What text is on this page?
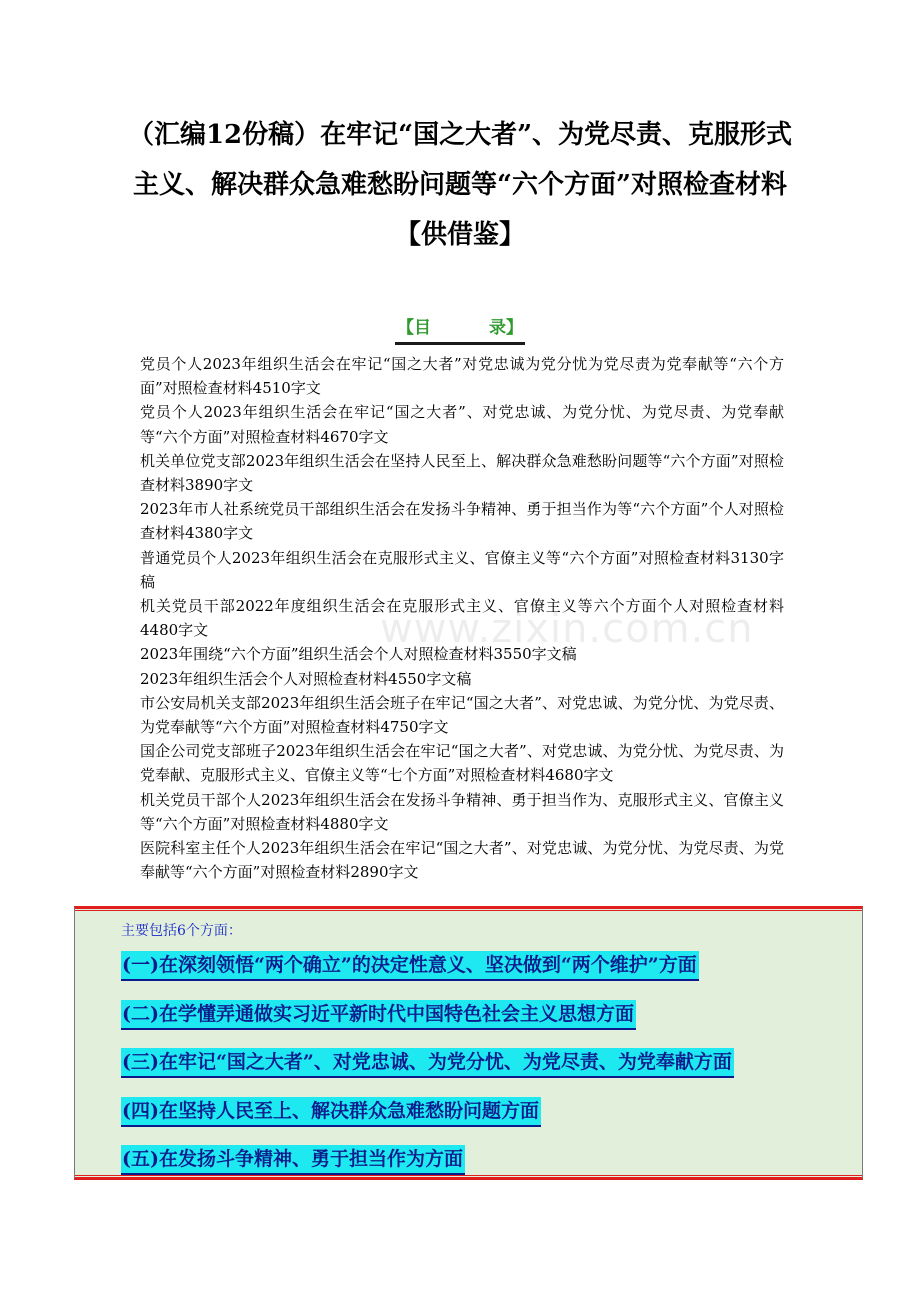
（汇编12份稿）在牢记“国之大者”、为党尽责、克服形式主义、解决群众急难愁盼问题等“六个方面”对照检查材料【供借鉴】
【目	录】
党员个人2023年组织生活会在牢记“国之大者”对党忠诚为党分忧为党尽责为党奉献等“六个方面”对照检查材料4510字文
党员个人2023年组织生活会在牢记“国之大者”、对党忠诚、为党分忧、为党尽责、为党奉献等“六个方面”对照检查材料4670字文
机关单位党支部2023年组织生活会在坚持人民至上、解决群众急难愁盼问题等“六个方面”对照检查材料3890字文
2023年市人社系统党员干部组织生活会在发扬斗争精神、勇于担当作为等“六个方面”个人对照检查材料4380字文
普通党员个人2023年组织生活会在克服形式主义、官僚主义等“六个方面”对照检查材料3130字稿
机关党员干部2022年度组织生活会在克服形式主义、官僚主义等六个方面个人对照检查材料4480字文
2023年围绕“六个方面”组织生活会个人对照检查材料3550字文稿
2023年组织生活会个人对照检查材料4550字文稿
市公安局机关支部2023年组织生活会班子在牢记“国之大者”、对党忠诚、为党分忧、为党尽责、为党奉献等“六个方面”对照检查材料4750字文
国企公司党支部班子2023年组织生活会在牢记“国之大者”、对党忠诚、为党分忧、为党尽责、为党奉献、克服形式主义、官僚主义等“七个方面”对照检查材料4680字文
机关党员干部个人2023年组织生活会在发扬斗争精神、勇于担当作为、克服形式主义、官僚主义等“六个方面”对照检查材料4880字文
医院科室主任个人2023年组织生活会在牢记“国之大者”、对党忠诚、为党分忧、为党尽责、为党奉献等“六个方面”对照检查材料2890字文
www.zixin.com.cn
主要包括6个方面：
(一)在深刻领悟“两个确立”的决定性意义、坚决做到“两个维护”方面
(二)在学懂弄通做实习近平新时代中国特色社会主义思想方面
(三)在牢记“国之大者”、对党忠诚、为党分忧、为党尽责、为党奉献方面
(四)在坚持人民至上、解决群众急难愁盼问题方面
(五)在发扬斗争精神、勇于担当作为方面
